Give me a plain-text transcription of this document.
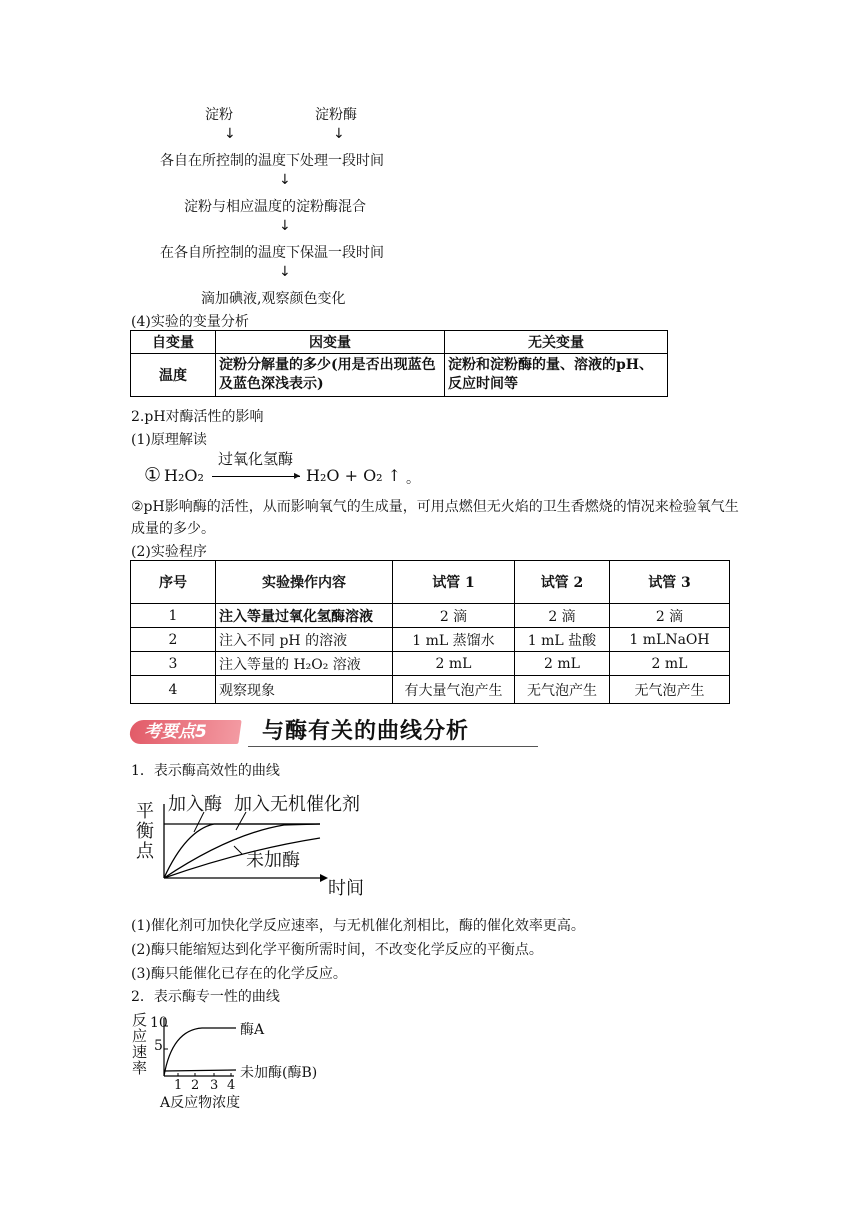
淀粉	淀粉酶
↓	↓
各自在所控制的温度下处理一段时间
↓
淀粉与相应温度的淀粉酶混合
↓
在各自所控制的温度下保温一段时间
↓
滴加碘液,观察颜色变化
(4)实验的变量分析
自变量	因变量	无关变量
温度	淀粉分解量的多少(用是否出现蓝色及蓝色深浅表示)	淀粉和淀粉酶的量、溶液的pH、反应时间等
2.pH对酶活性的影响
(1)原理解读
① H₂O₂
过氧化氢酶
▸ H₂O + O₂ ↑ 。
②pH影响酶的活性，从而影响氧气的生成量，可用点燃但无火焰的卫生香燃烧的情况来检验氧气生成量的多少。
(2)实验程序
序号	实验操作内容	试管 1	试管 2	试管 3
1	注入等量过氧化氢酶溶液	2 滴	2 滴	2 滴
2	注入不同 pH 的溶液	1 mL 蒸馏水	1 mL 盐酸	1 mLNaOH
3	注入等量的 H₂O₂ 溶液	2 mL	2 mL	2 mL
4	观察现象	有大量气泡产生	无气泡产生	无气泡产生
考要点5	与酶有关的曲线分析
1．表示酶高效性的曲线
平
衡
点
加入酶 加入无机催化剂
未加酶
时间
(1)催化剂可加快化学反应速率，与无机催化剂相比，酶的催化效率更高。
(2)酶只能缩短达到化学平衡所需时间，不改变化学反应的平衡点。
(3)酶只能催化已存在的化学反应。
2．表示酶专一性的曲线
反
应
速
率
10
5
酶A
未加酶(酶B)
1 2 3 4
A反应物浓度
